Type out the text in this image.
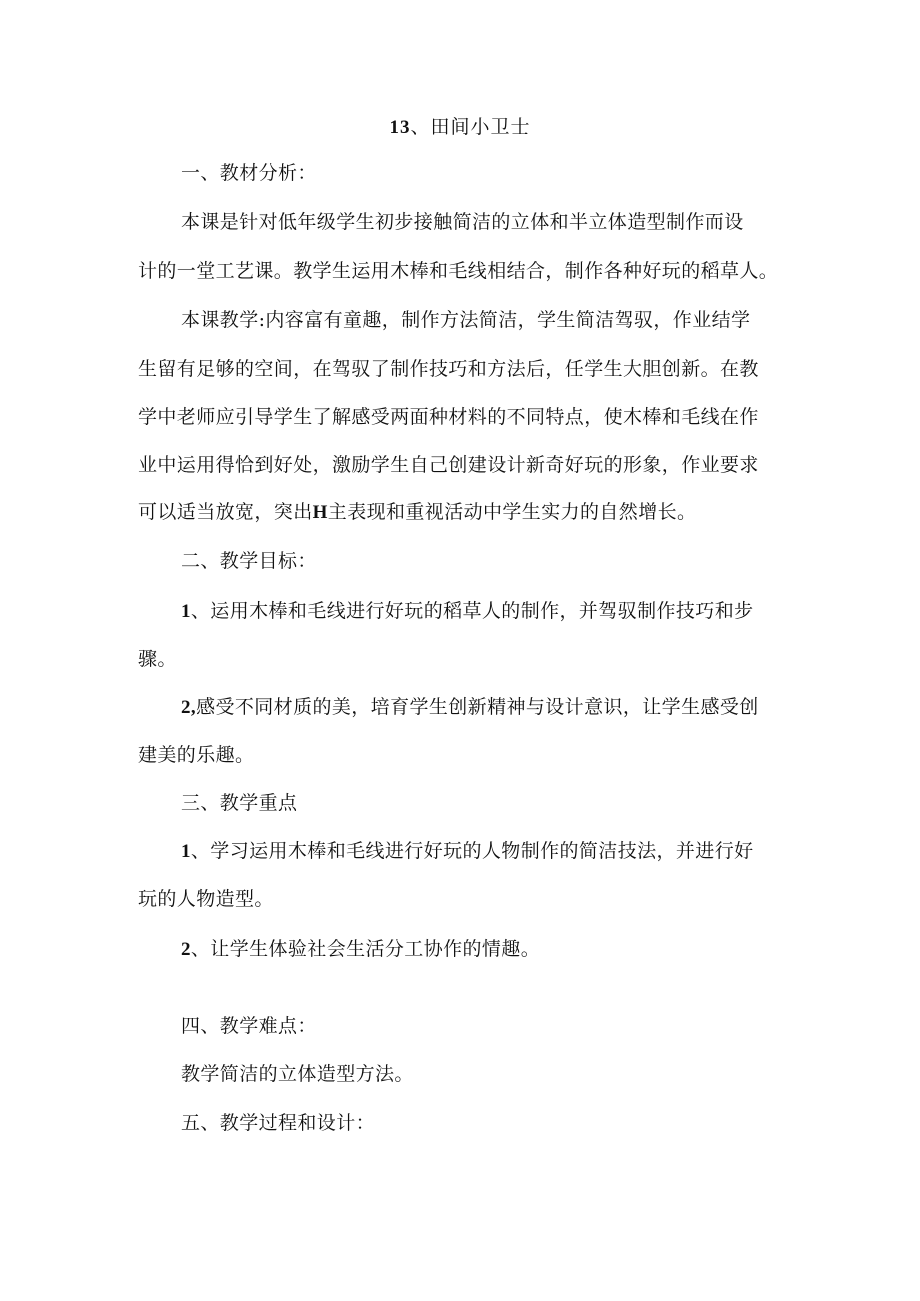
13、田间小卫士
一、教材分析：
本课是针对低年级学生初步接触简洁的立体和半立体造型制作而设
计的一堂工艺课。教学生运用木棒和毛线相结合，制作各种好玩的稻草人。
本课教学:内容富有童趣，制作方法简洁，学生简洁驾驭，作业结学
生留有足够的空间，在驾驭了制作技巧和方法后，任学生大胆创新。在教
学中老师应引导学生了解感受两面种材料的不同特点，使木棒和毛线在作
业中运用得恰到好处，激励学生自己创建设计新奇好玩的形象，作业要求
可以适当放宽，突出H主表现和重视活动中学生实力的自然增长。
二、教学目标：
1、运用木棒和毛线进行好玩的稻草人的制作，并驾驭制作技巧和步
骤。
2,感受不同材质的美，培育学生创新精神与设计意识，让学生感受创
建美的乐趣。
三、教学重点
1、学习运用木棒和毛线进行好玩的人物制作的简洁技法，并进行好
玩的人物造型。
2、让学生体验社会生活分工协作的情趣。
四、教学难点：
教学简洁的立体造型方法。
五、教学过程和设计：
